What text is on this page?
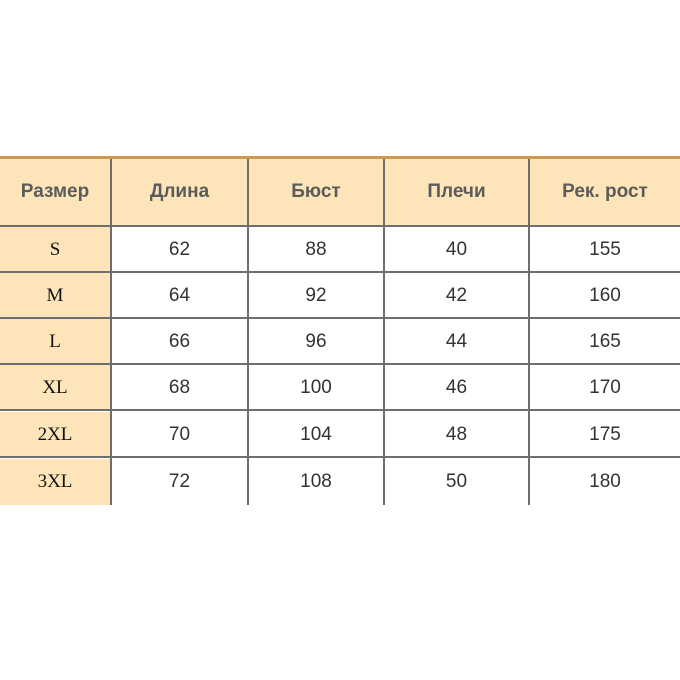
Размер	Длина	Бюст	Плечи	Рек. рост
S	62	88	40	155
M	64	92	42	160
L	66	96	44	165
XL	68	100	46	170
2XL	70	104	48	175
3XL	72	108	50	180
